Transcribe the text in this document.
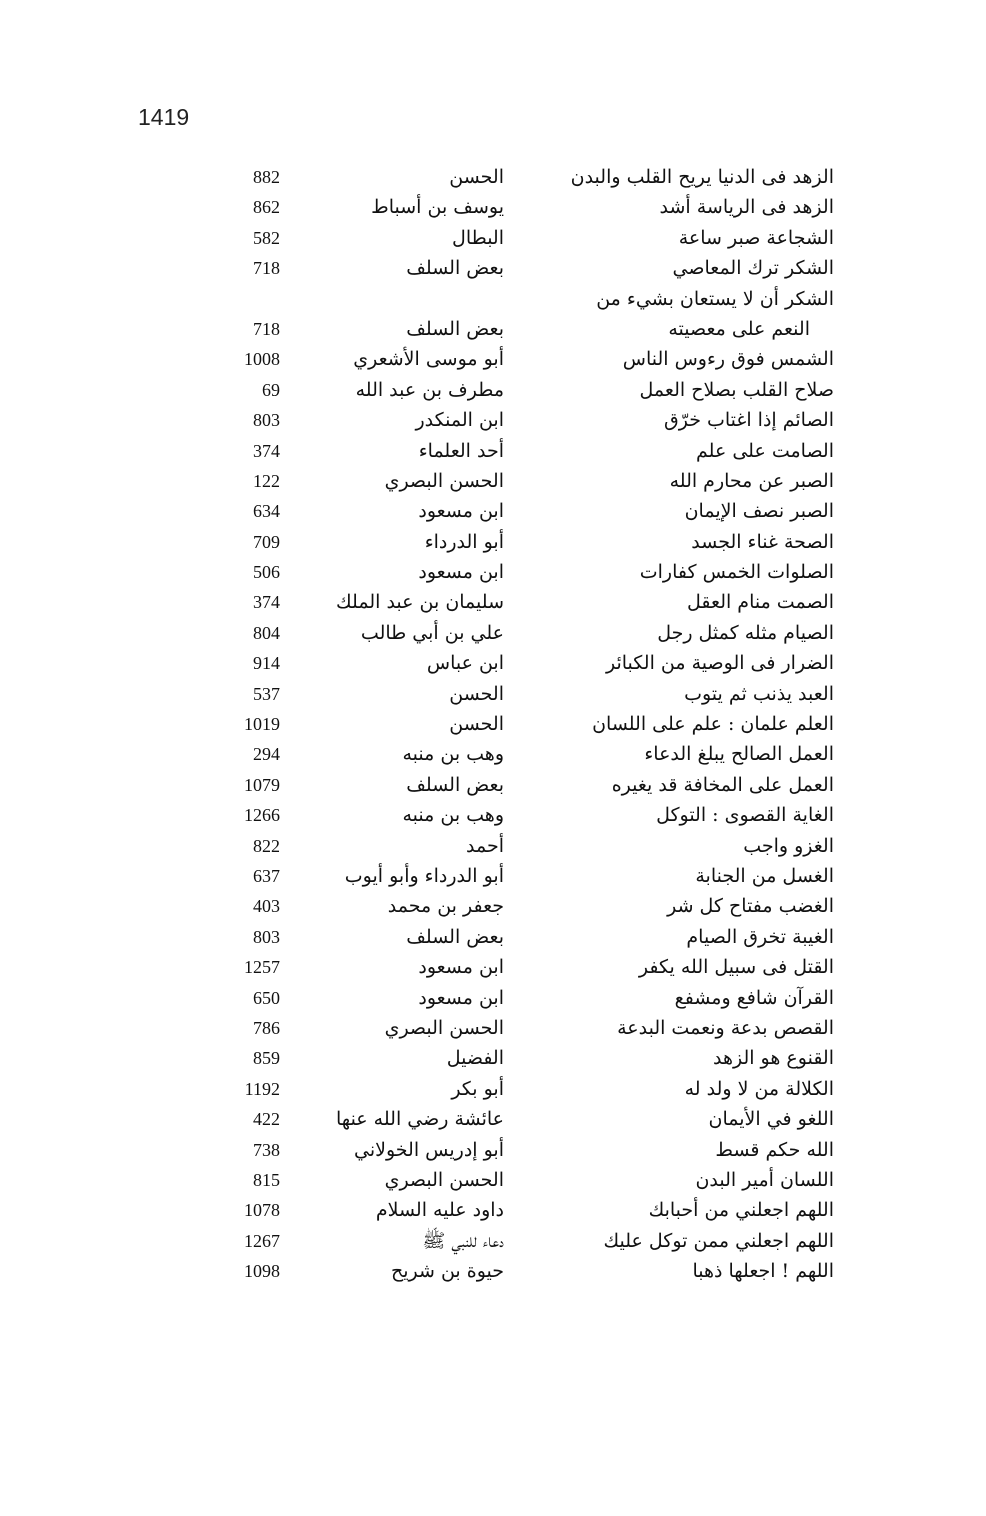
1419
الزهد فى الدنيا يريح القلب والبدن
الحسن
882
الزهد فى الرياسة أشد
يوسف بن أسباط
862
الشجاعة صبر ساعة
البطال
582
الشكر ترك المعاصي
بعض السلف
718
الشكر أن لا يستعان بشيء من
النعم على معصيته
بعض السلف
718
الشمس فوق رءوس الناس
أبو موسى الأشعري
1008
صلاح القلب بصلاح العمل
مطرف بن عبد الله
69
الصائم إذا اغتاب خرّق
ابن المنكدر
803
الصامت على علم
أحد العلماء
374
الصبر عن محارم الله
الحسن البصري
122
الصبر نصف الإيمان
ابن مسعود
634
الصحة غناء الجسد
أبو الدرداء
709
الصلوات الخمس كفارات
ابن مسعود
506
الصمت منام العقل
سليمان بن عبد الملك
374
الصيام مثله كمثل رجل
علي بن أبي طالب
804
الضرار فى الوصية من الكبائر
ابن عباس
914
العبد يذنب ثم يتوب
الحسن
537
العلم علمان : علم على اللسان
الحسن
1019
العمل الصالح يبلغ الدعاء
وهب بن منبه
294
العمل على المخافة قد يغيره
بعض السلف
1079
الغاية القصوى : التوكل
وهب بن منبه
1266
الغزو واجب
أحمد
822
الغسل من الجنابة
أبو الدرداء وأبو أيوب
637
الغضب مفتاح كل شر
جعفر بن محمد
403
الغيبة تخرق الصيام
بعض السلف
803
القتل فى سبيل الله يكفر
ابن مسعود
1257
القرآن شافع ومشفع
ابن مسعود
650
القصص بدعة ونعمت البدعة
الحسن البصري
786
القنوع هو الزهد
الفضيل
859
الكلالة من لا ولد له
أبو بكر
1192
اللغو في الأيمان
عائشة رضي الله عنها
422
الله حكم قسط
أبو إدريس الخولاني
738
اللسان أمير البدن
الحسن البصري
815
اللهم اجعلني من أحبابك
داود عليه السلام
1078
اللهم اجعلني ممن توكل عليك
دعاء للنبي ﷺ
1267
اللهم ! اجعلها ذهبا
حيوة بن شريح
1098
